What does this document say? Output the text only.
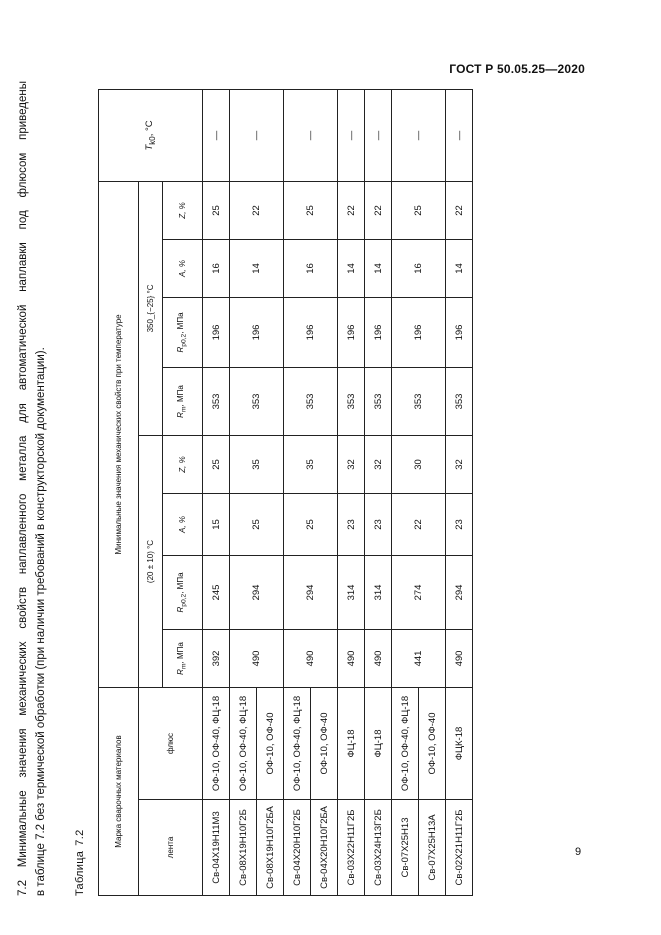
ГОСТ Р 50.05.25—2020

7.2 Минимальные значения механических свойств наплавленного металла для автоматической наплавки под флюсом приведены в таблице 7.2 без термической обработки (при наличии требований в конструкторской документации). Таблица 7.2	Марка сварочных материалов		Минимальные значения механических свойств при температуре								$T_{k0}$, °С
лента	флюс	(20 ± 10) °С				350_{−25} °С				
		$R_m$, МПа	$R_{p0,2}$, МПа	A, %	Z, %	$R_m$, МПа	$R_{p0,2}$, МПа	A, %	Z, %	
Св-04Х19Н11М3	ОФ-10, ОФ-40, ФЦ-18	392	245	15	25	353	196	16	25	—
Св-08Х19Н10Г2Б	ОФ-10, ОФ-40, ФЦ-18	490	294	25	35	353	196	14	22	—
Св-08Х19Н10Г2БА	ОФ-10, ОФ-40									
Св-04Х20Н10Г2Б	ОФ-10, ОФ-40, ФЦ-18	490	294	25	35	353	196	16	25	—
Св-04Х20Н10Г2БА	ОФ-10, ОФ-40									
Св-03Х22Н11Г2Б	ФЦ-18	490	314	23	32	353	196	14	22	—
Св-03Х24Н13Г2Б	ФЦ-18	490	314	23	32	353	196	14	22	—
Св-07Х25Н13	ОФ-10, ОФ-40, ФЦ-18	441	274	22	30	353	196	16	25	—
Св-07Х25Н13А	ОФ-10, ОФ-40									
Св-02Х21Н11Г2Б	ФЦК-18	490	294	23	32	353	196	14	22	—
9
